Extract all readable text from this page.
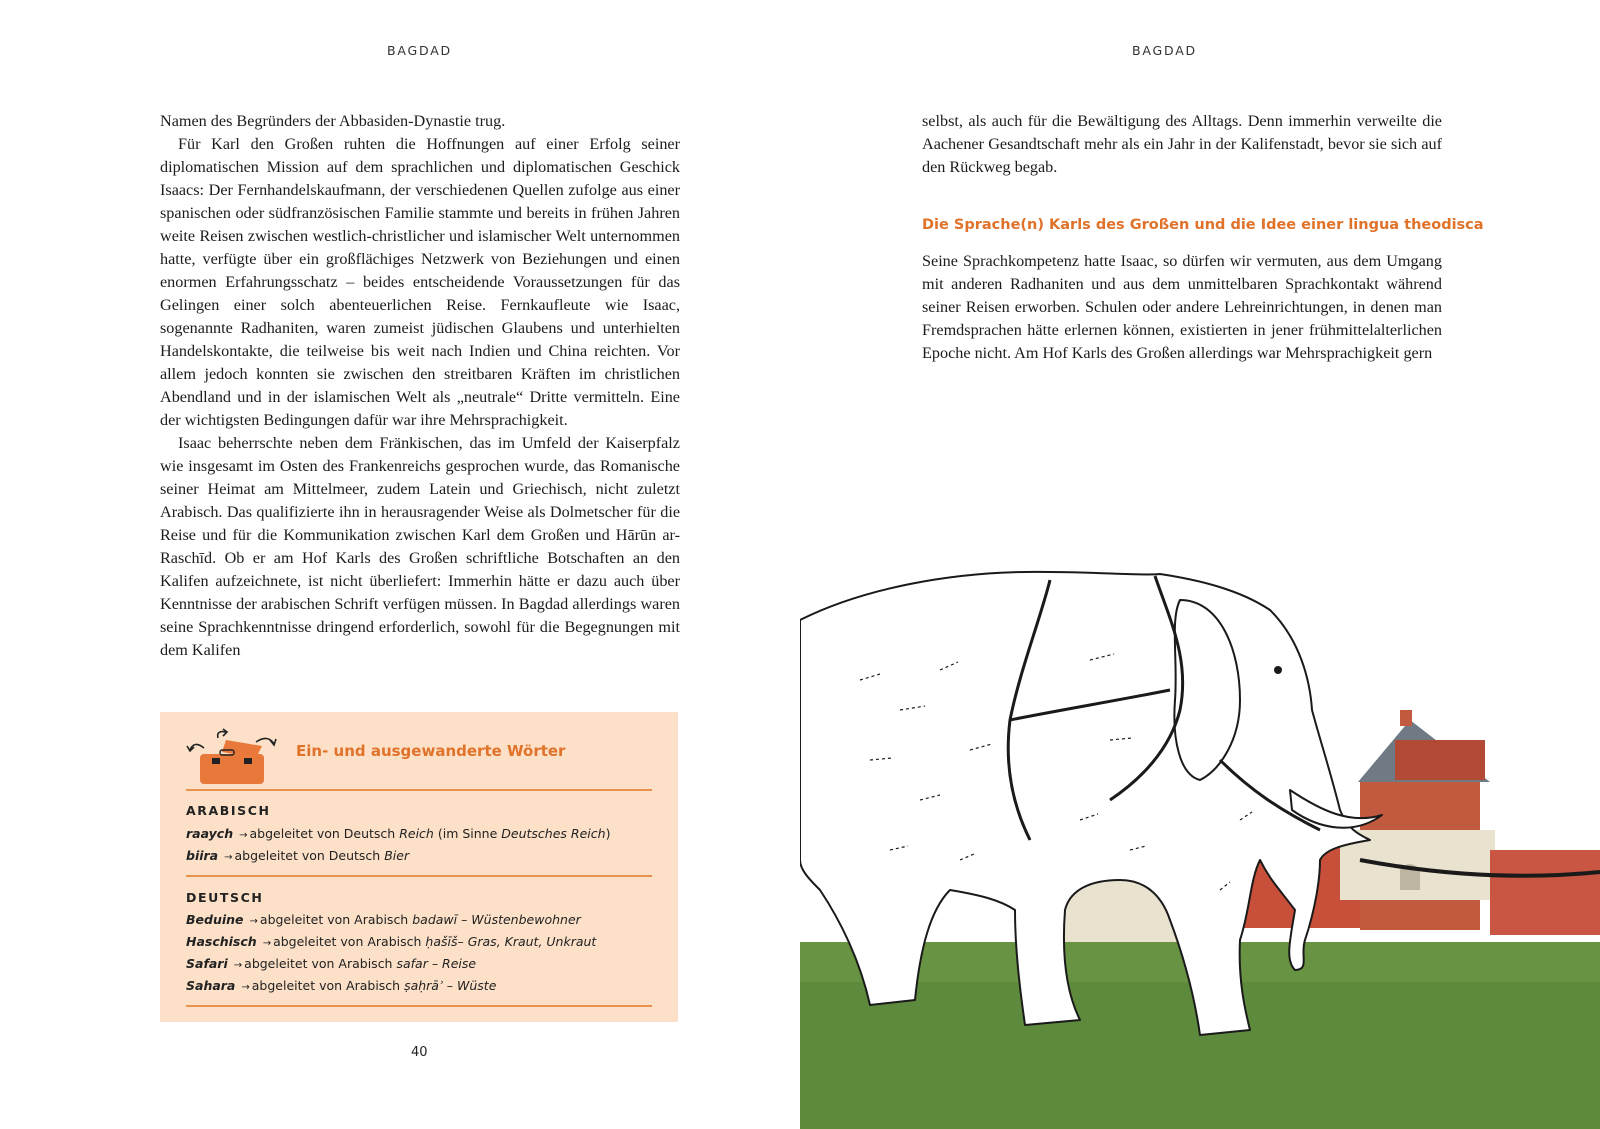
BAGDAD

Namen des Begründers der Abbasiden-Dynastie trug.

Für Karl den Großen ruhten die Hoffnungen auf einer Erfolg seiner diplomatischen Mission auf dem sprachlichen und diplomatischen Geschick Isaacs: Der Fernhandelskaufmann, der verschiedenen Quellen zufolge aus einer spanischen oder südfranzösischen Familie stammte und bereits in frühen Jahren weite Reisen zwischen westlich-christlicher und islamischer Welt unternommen hatte, verfügte über ein großflächiges Netzwerk von Beziehungen und einen enormen Erfahrungsschatz – beides entscheidende Voraussetzungen für das Gelingen einer solch abenteuerlichen Reise. Fernkaufleute wie Isaac, sogenannte Radhaniten, waren zumeist jüdischen Glaubens und unterhielten Handelskontakte, die teilweise bis weit nach Indien und China reichten. Vor allem jedoch konnten sie zwischen den streitbaren Kräften im christlichen Abendland und in der islamischen Welt als „neutrale“ Dritte vermitteln. Eine der wichtigsten Bedingungen dafür war ihre Mehrsprachigkeit.

Isaac beherrschte neben dem Fränkischen, das im Umfeld der Kaiserpfalz wie insgesamt im Osten des Frankenreichs gesprochen wurde, das Romanische seiner Heimat am Mittelmeer, zudem Latein und Griechisch, nicht zuletzt Arabisch. Das qualifizierte ihn in herausragender Weise als Dolmetscher für die Reise und für die Kommunikation zwischen Karl dem Großen und Hārūn ar-Raschīd. Ob er am Hof Karls des Großen schriftliche Botschaften an den Kalifen aufzeichnete, ist nicht überliefert: Immerhin hätte er dazu auch über Kenntnisse der arabischen Schrift verfügen müssen. In Bagdad allerdings waren seine Sprachkenntnisse dringend erforderlich, sowohl für die Begegnungen mit dem Kalifen

Ein- und ausgewanderte Wörter
ARABISCH
raaych → abgeleitet von Deutsch Reich (im Sinne Deutsches Reich)
biira → abgeleitet von Deutsch Bier
DEUTSCH
Beduine → abgeleitet von Arabisch badawī – Wüstenbewohner
Haschisch → abgeleitet von Arabisch ḥašīš– Gras, Kraut, Unkraut
Safari → abgeleitet von Arabisch safar – Reise
Sahara → abgeleitet von Arabisch ṣaḥrāʾ – Wüste
40
BAGDAD

selbst, als auch für die Bewältigung des Alltags. Denn immerhin verweilte die Aachener Gesandtschaft mehr als ein Jahr in der Kalifenstadt, bevor sie sich auf den Rückweg begab.

Die Sprache(n) Karls des Großen und die Idee einer lingua theodisca

Seine Sprachkompetenz hatte Isaac, so dürfen wir vermuten, aus dem Umgang mit anderen Radhaniten und aus dem unmittelbaren Sprachkontakt während seiner Reisen erworben. Schulen oder andere Lehreinrichtungen, in denen man Fremdsprachen hätte erlernen können, existierten in jener frühmittelalterlichen Epoche nicht. Am Hof Karls des Großen allerdings war Mehrsprachigkeit gern
